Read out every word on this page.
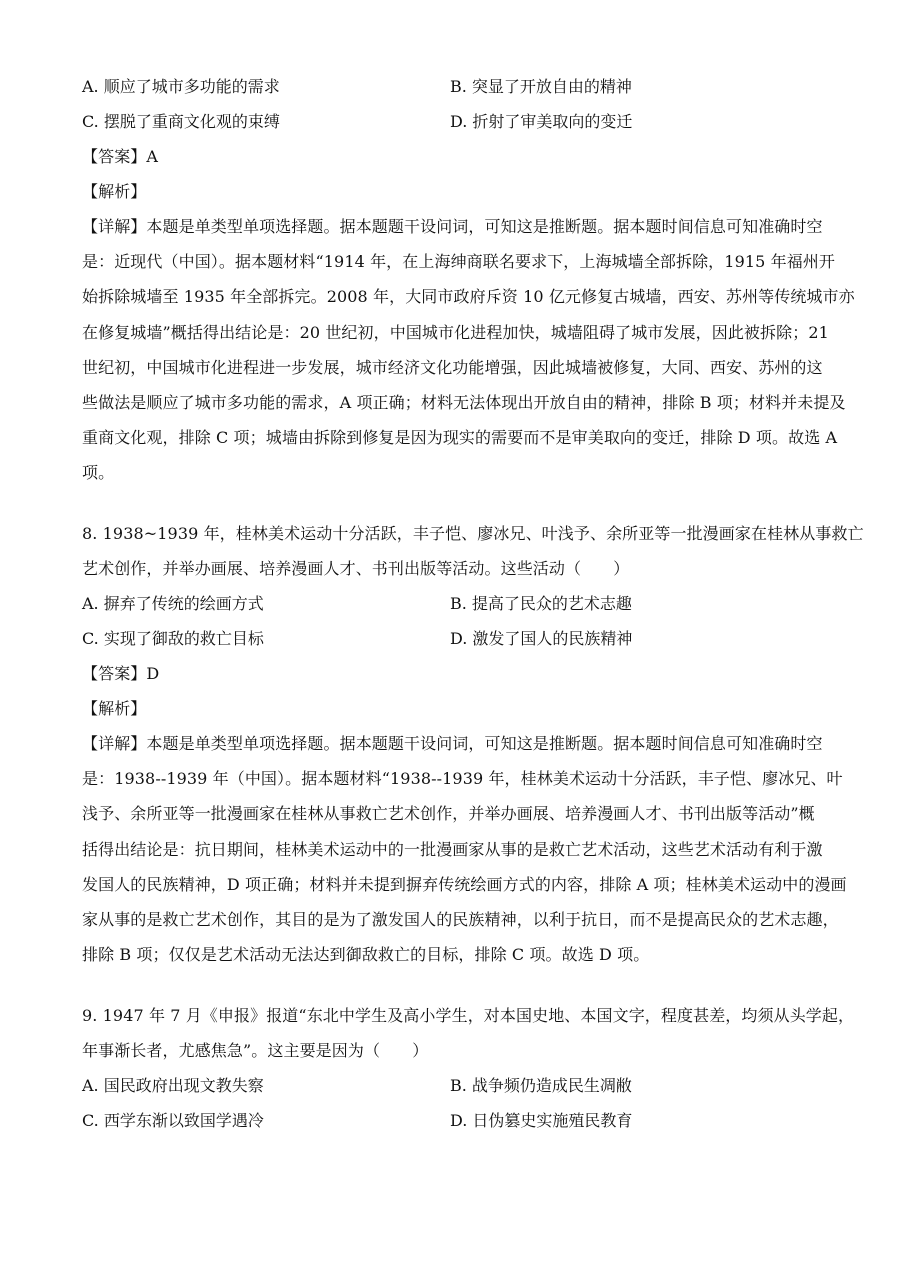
A. 顺应了城市多功能的需求	B. 突显了开放自由的精神
C. 摆脱了重商文化观的束缚	D. 折射了审美取向的变迁
【答案】A
【解析】
【详解】本题是单类型单项选择题。据本题题干设问词，可知这是推断题。据本题时间信息可知准确时空
是：近现代（中国）。据本题材料“1914 年，在上海绅商联名要求下，上海城墙全部拆除，1915 年福州开
始拆除城墙至 1935 年全部拆完。2008 年，大同市政府斥资 10 亿元修复古城墙，西安、苏州等传统城市亦
在修复城墙”概括得出结论是：20 世纪初，中国城市化进程加快，城墙阻碍了城市发展，因此被拆除；21
世纪初，中国城市化进程进一步发展，城市经济文化功能增强，因此城墙被修复，大同、西安、苏州的这
些做法是顺应了城市多功能的需求，A 项正确；材料无法体现出开放自由的精神，排除 B 项；材料并未提及
重商文化观，排除 C 项；城墙由拆除到修复是因为现实的需要而不是审美取向的变迁，排除 D 项。故选 A
项。
8. 1938~1939 年，桂林美术运动十分活跃，丰子恺、廖冰兄、叶浅予、余所亚等一批漫画家在桂林从事救亡
艺术创作，并举办画展、培养漫画人才、书刊出版等活动。这些活动（　　）
A. 摒弃了传统的绘画方式	B. 提高了民众的艺术志趣
C. 实现了御敌的救亡目标	D. 激发了国人的民族精神
【答案】D
【解析】
【详解】本题是单类型单项选择题。据本题题干设问词，可知这是推断题。据本题时间信息可知准确时空
是：1938--1939 年（中国）。据本题材料“1938--1939 年，桂林美术运动十分活跃，丰子恺、廖冰兄、叶
浅予、余所亚等一批漫画家在桂林从事救亡艺术创作，并举办画展、培养漫画人才、书刊出版等活动”概
括得出结论是：抗日期间，桂林美术运动中的一批漫画家从事的是救亡艺术活动，这些艺术活动有利于激
发国人的民族精神，D 项正确；材料并未提到摒弃传统绘画方式的内容，排除 A 项；桂林美术运动中的漫画
家从事的是救亡艺术创作，其目的是为了激发国人的民族精神，以利于抗日，而不是提高民众的艺术志趣，
排除 B 项；仅仅是艺术活动无法达到御敌救亡的目标，排除 C 项。故选 D 项。
9. 1947 年 7 月《申报》报道“东北中学生及高小学生，对本国史地、本国文字，程度甚差，均须从头学起，
年事渐长者，尤感焦急”。这主要是因为（　　）
A. 国民政府出现文教失察	B. 战争频仍造成民生凋敝
C. 西学东渐以致国学遇冷	D. 日伪篡史实施殖民教育
